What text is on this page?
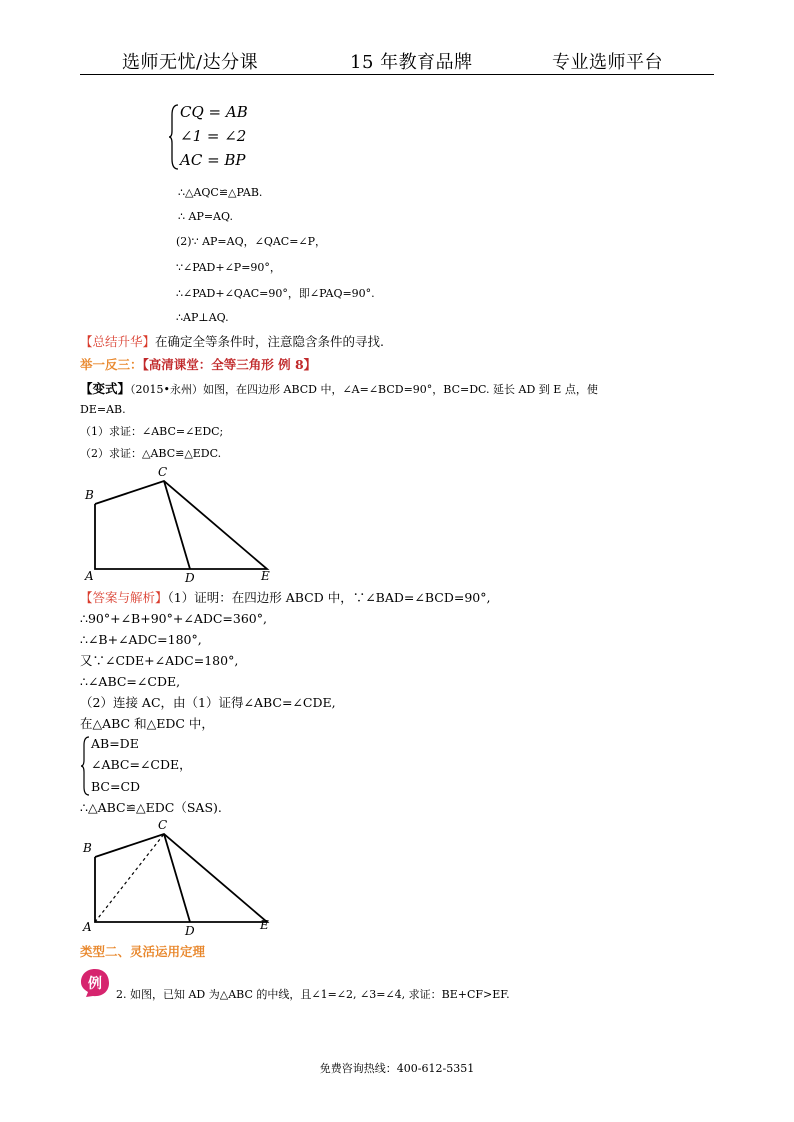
选师无忧/达分课	15 年教育品牌	专业选师平台
CQ = AB
∠1 = ∠2
AC = BP
∴△AQC≌△PAB.
∴ AP=AQ.
(2)∵ AP=AQ，∠QAC=∠P，
∵∠PAD+∠P=90°，
∴∠PAD+∠QAC=90°，即∠PAQ=90°.
∴AP⊥AQ.
【总结升华】在确定全等条件时，注意隐含条件的寻找.
举一反三：【高清课堂：全等三角形 例 8】
【变式】（2015•永州）如图，在四边形 ABCD 中，∠A=∠BCD=90°，BC=DC. 延长 AD 到 E 点，使
DE=AB.
（1）求证：∠ABC=∠EDC;
（2）求证：△ABC≌△EDC.
B
C
A	D	E
【答案与解析】（1）证明：在四边形 ABCD 中，∵∠BAD=∠BCD=90°,
∴90°+∠B+90°+∠ADC=360°,
∴∠B+∠ADC=180°,
又∵∠CDE+∠ADC=180°,
∴∠ABC=∠CDE,
（2）连接 AC，由（1）证得∠ABC=∠CDE,
在△ABC 和△EDC 中，
AB=DE
∠ABC=∠CDE，
BC=CD
∴△ABC≌△EDC（SAS).
B
C
A	D	E
类型二、灵活运用定理
例
2. 如图，已知 AD 为△ABC 的中线，且∠1=∠2, ∠3=∠4, 求证：BE+CF>EF.
免费咨询热线：400-612-5351
